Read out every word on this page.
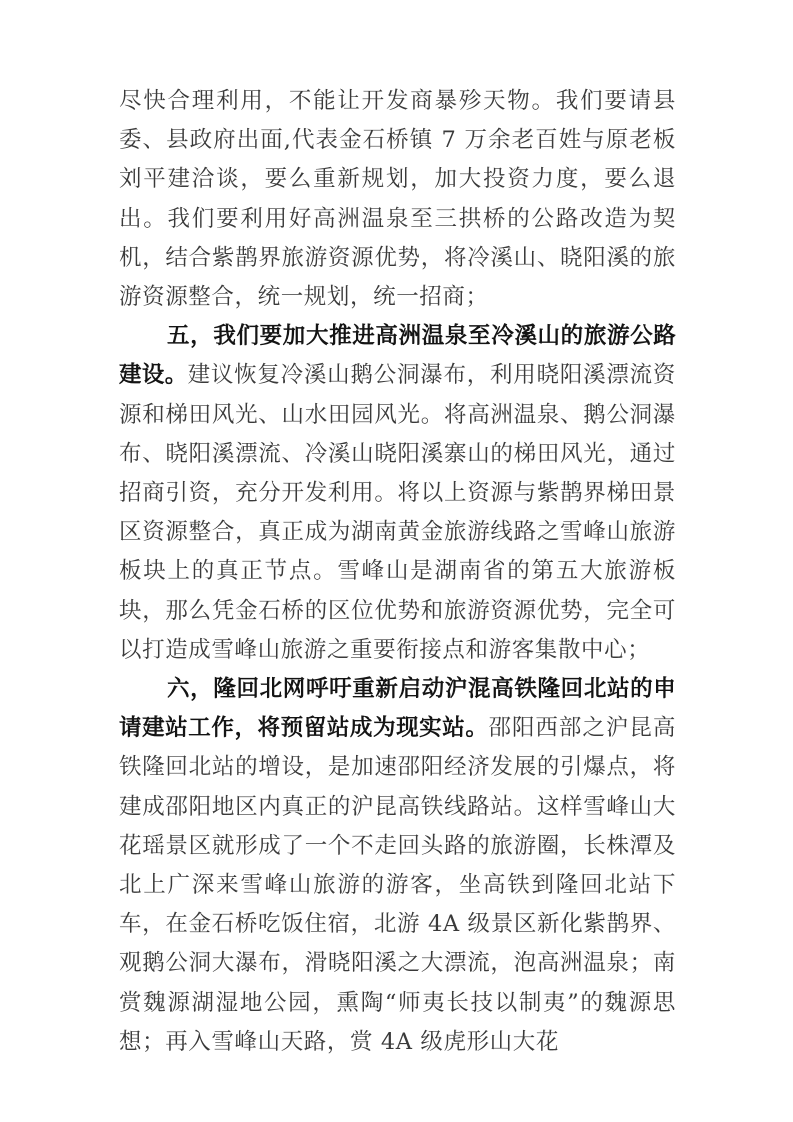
尽快合理利用，不能让开发商暴殄天物。我们要请县委、县政府出面,代表金石桥镇 7 万余老百姓与原老板刘平建洽谈，要么重新规划，加大投资力度，要么退出。我们要利用好高洲温泉至三拱桥的公路改造为契机，结合紫鹊界旅游资源优势，将冷溪山、晓阳溪的旅游资源整合，统一规划，统一招商；

五，我们要加大推进高洲温泉至冷溪山的旅游公路建设。建议恢复冷溪山鹅公洞瀑布，利用晓阳溪漂流资源和梯田风光、山水田园风光。将高洲温泉、鹅公洞瀑布、晓阳溪漂流、冷溪山晓阳溪寨山的梯田风光，通过招商引资，充分开发利用。将以上资源与紫鹊界梯田景区资源整合，真正成为湖南黄金旅游线路之雪峰山旅游板块上的真正节点。雪峰山是湖南省的第五大旅游板块，那么凭金石桥的区位优势和旅游资源优势，完全可以打造成雪峰山旅游之重要衔接点和游客集散中心；

六，隆回北网呼吁重新启动沪混高铁隆回北站的申请建站工作，将预留站成为现实站。邵阳西部之沪昆高铁隆回北站的增设，是加速邵阳经济发展的引爆点，将建成邵阳地区内真正的沪昆高铁线路站。这样雪峰山大花瑶景区就形成了一个不走回头路的旅游圈，长株潭及北上广深来雪峰山旅游的游客，坐高铁到隆回北站下车，在金石桥吃饭住宿，北游 4A 级景区新化紫鹊界、观鹅公洞大瀑布，滑晓阳溪之大漂流，泡高洲温泉；南赏魏源湖湿地公园，熏陶“师夷长技以制夷”的魏源思想；再入雪峰山天路，赏 4A 级虎形山大花
